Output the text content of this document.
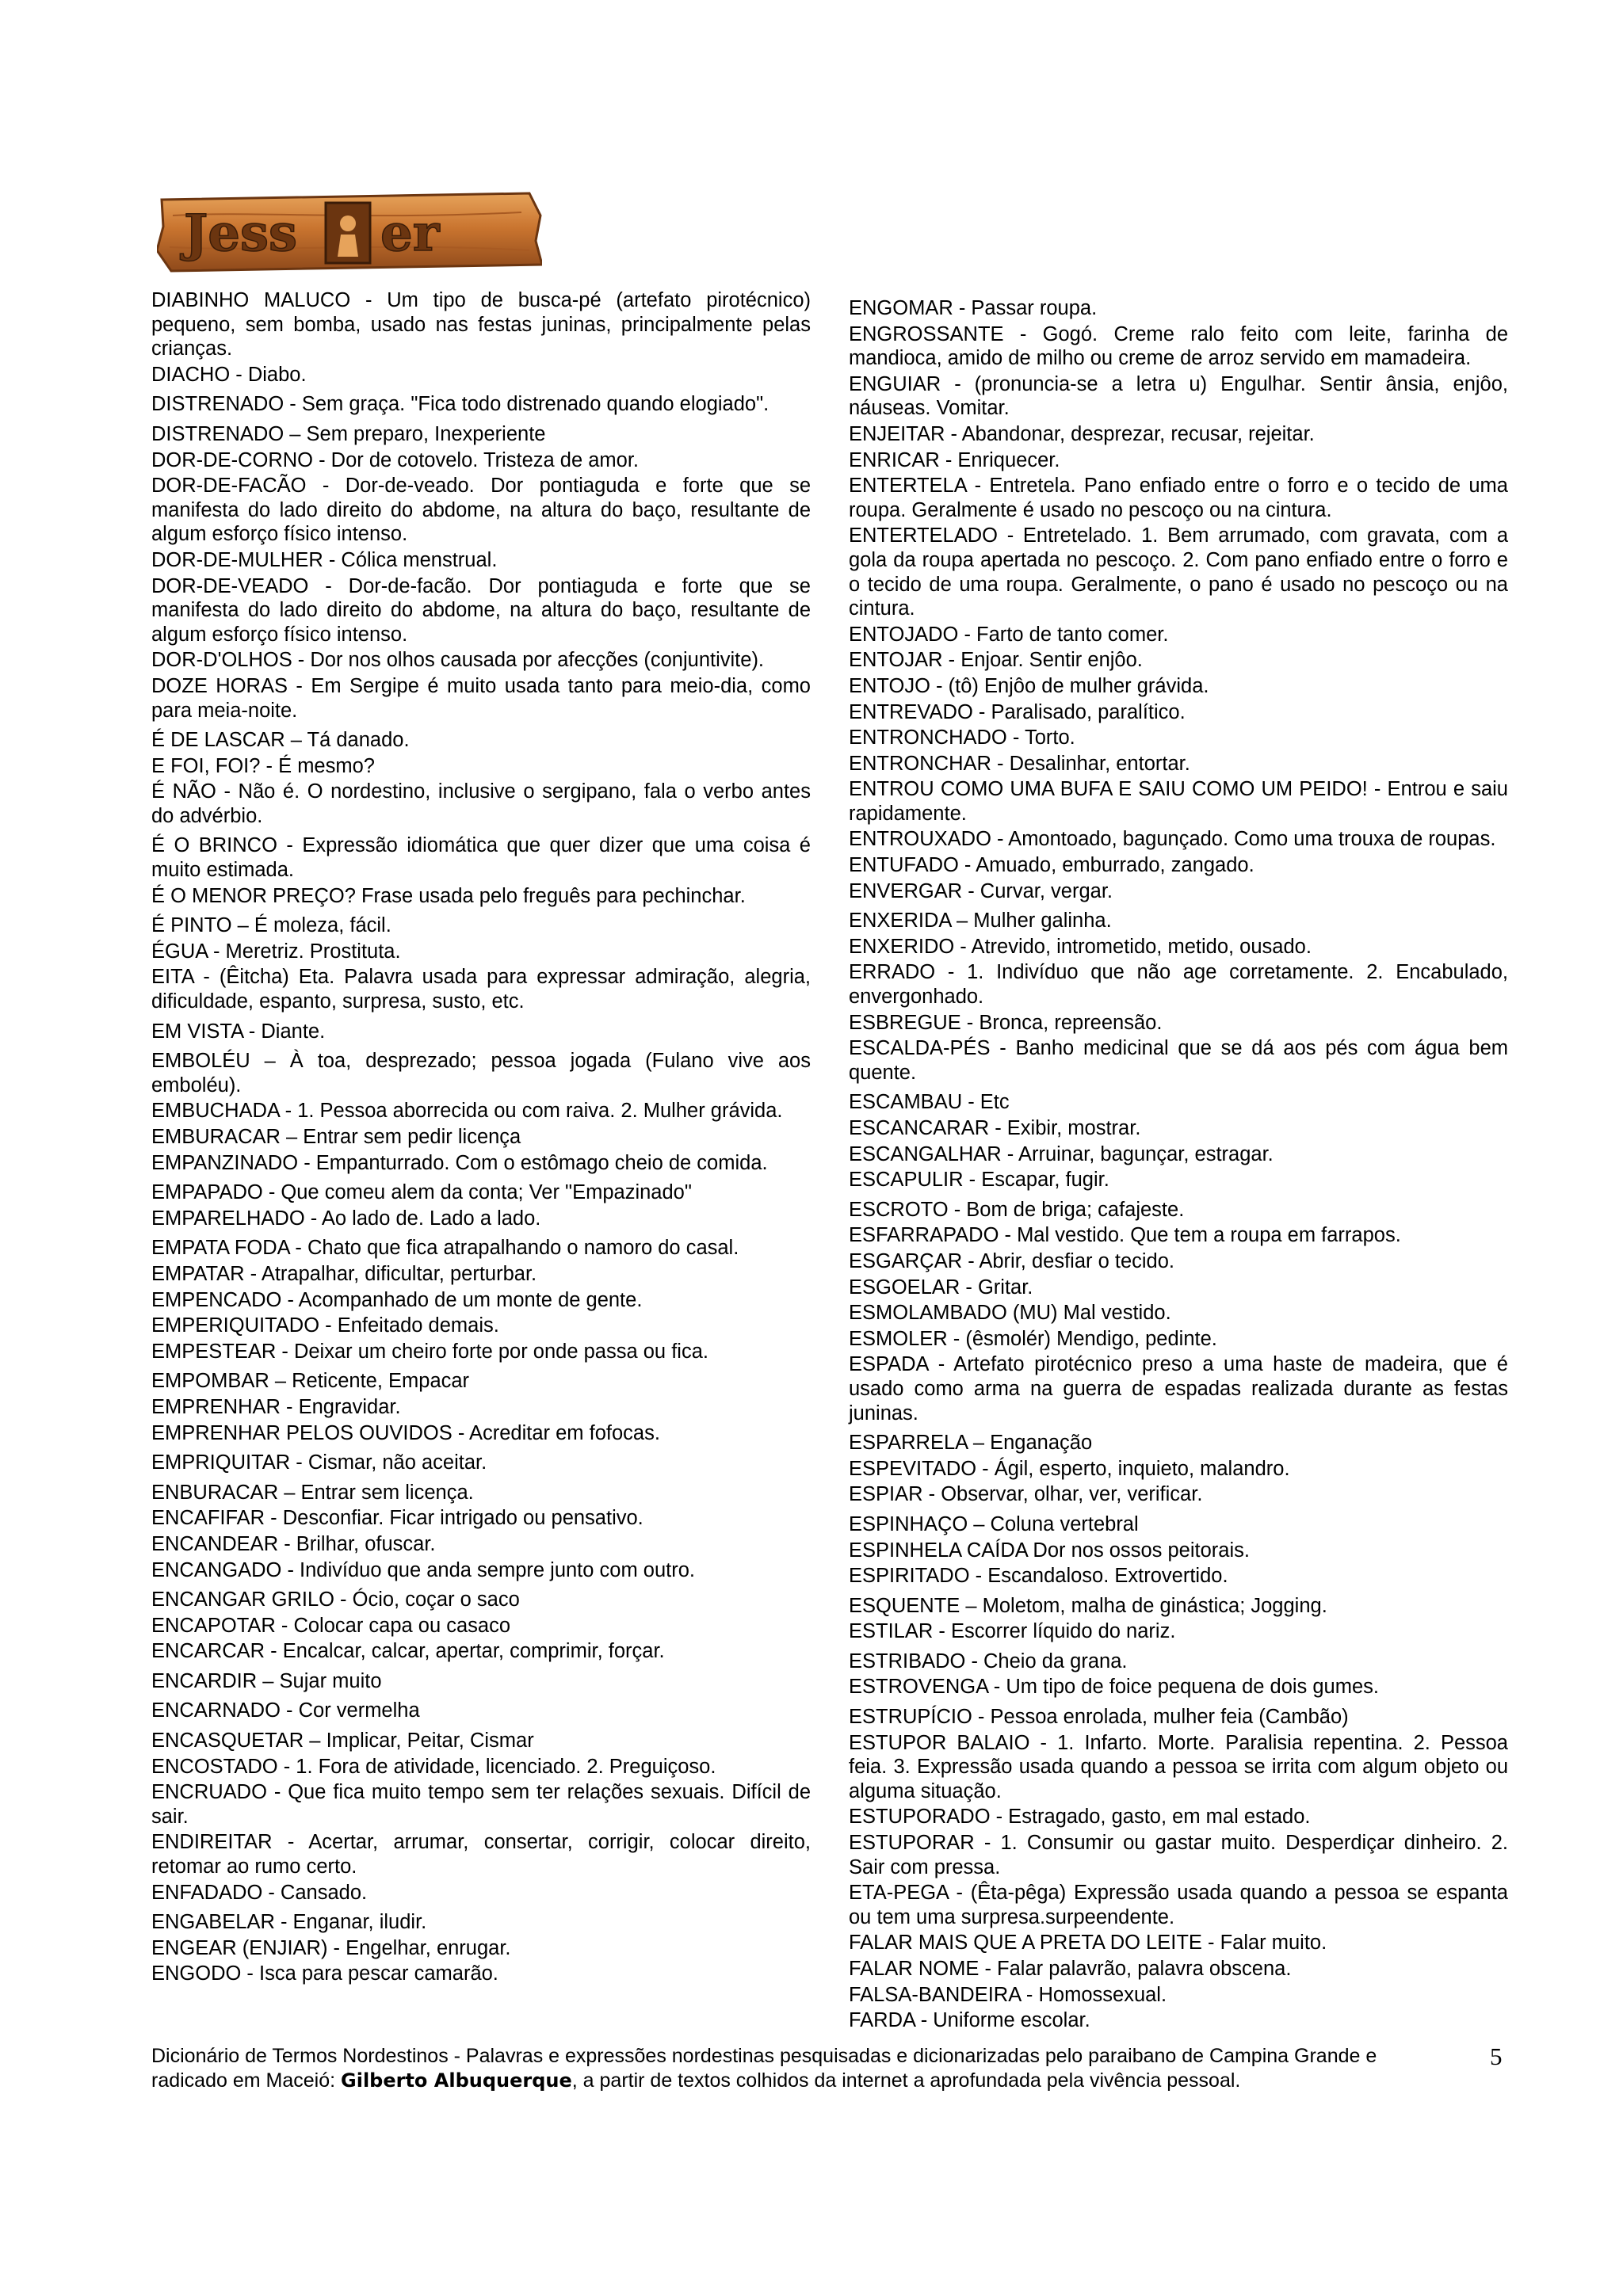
Jess er
Jessier
DIABINHO MALUCO - Um tipo de busca-pé (artefato pirotécnico) pequeno, sem bomba, usado nas festas juninas, principalmente pelas crianças.
DIACHO - Diabo.
DISTRENADO - Sem graça. "Fica todo distrenado quando elogiado".
DISTRENADO – Sem preparo, Inexperiente
DOR-DE-CORNO - Dor de cotovelo. Tristeza de amor.
DOR-DE-FACÃO - Dor-de-veado. Dor pontiaguda e forte que se manifesta do lado direito do abdome, na altura do baço, resultante de algum esforço físico intenso.
DOR-DE-MULHER - Cólica menstrual.
DOR-DE-VEADO - Dor-de-facão. Dor pontiaguda e forte que se manifesta do lado direito do abdome, na altura do baço, resultante de algum esforço físico intenso.
DOR-D'OLHOS - Dor nos olhos causada por afecções (conjuntivite).
DOZE HORAS - Em Sergipe é muito usada tanto para meio-dia, como para meia-noite.
É DE LASCAR – Tá danado.
E FOI, FOI? - É mesmo?
É NÃO - Não é. O nordestino, inclusive o sergipano, fala o verbo antes do advérbio.
É O BRINCO - Expressão idiomática que quer dizer que uma coisa é muito estimada.
É O MENOR PREÇO? Frase usada pelo freguês para pechinchar.
É PINTO – É moleza, fácil.
ÉGUA - Meretriz. Prostituta.
EITA - (Êitcha) Eta. Palavra usada para expressar admiração, alegria, dificuldade, espanto, surpresa, susto, etc.
EM VISTA - Diante.
EMBOLÉU – À toa, desprezado; pessoa jogada (Fulano vive aos emboléu).
EMBUCHADA - 1. Pessoa aborrecida ou com raiva. 2. Mulher grávida.
EMBURACAR – Entrar sem pedir licença
EMPANZINADO - Empanturrado. Com o estômago cheio de comida.
EMPAPADO - Que comeu alem da conta; Ver "Empazinado"
EMPARELHADO - Ao lado de. Lado a lado.
EMPATA FODA - Chato que fica atrapalhando o namoro do casal.
EMPATAR - Atrapalhar, dificultar, perturbar.
EMPENCADO - Acompanhado de um monte de gente.
EMPERIQUITADO - Enfeitado demais.
EMPESTEAR - Deixar um cheiro forte por onde passa ou fica.
EMPOMBAR – Reticente, Empacar
EMPRENHAR - Engravidar.
EMPRENHAR PELOS OUVIDOS - Acreditar em fofocas.
EMPRIQUITAR - Cismar, não aceitar.
ENBURACAR – Entrar sem licença.
ENCAFIFAR - Desconfiar. Ficar intrigado ou pensativo.
ENCANDEAR - Brilhar, ofuscar.
ENCANGADO - Indivíduo que anda sempre junto com outro.
ENCANGAR GRILO - Ócio, coçar o saco
ENCAPOTAR - Colocar capa ou casaco
ENCARCAR - Encalcar, calcar, apertar, comprimir, forçar.
ENCARDIR – Sujar muito
ENCARNADO - Cor vermelha
ENCASQUETAR – Implicar, Peitar, Cismar
ENCOSTADO - 1. Fora de atividade, licenciado. 2. Preguiçoso.
ENCRUADO - Que fica muito tempo sem ter relações sexuais. Difícil de sair.
ENDIREITAR - Acertar, arrumar, consertar, corrigir, colocar direito, retomar ao rumo certo.
ENFADADO - Cansado.
ENGABELAR - Enganar, iludir.
ENGEAR (ENJIAR) - Engelhar, enrugar.
ENGODO - Isca para pescar camarão.
ENGOMAR - Passar roupa.
ENGROSSANTE - Gogó. Creme ralo feito com leite, farinha de mandioca, amido de milho ou creme de arroz servido em mamadeira.
ENGUIAR - (pronuncia-se a letra u) Engulhar. Sentir ânsia, enjôo, náuseas. Vomitar.
ENJEITAR - Abandonar, desprezar, recusar, rejeitar.
ENRICAR - Enriquecer.
ENTERTELA - Entretela. Pano enfiado entre o forro e o tecido de uma roupa. Geralmente é usado no pescoço ou na cintura.
ENTERTELADO - Entretelado. 1. Bem arrumado, com gravata, com a gola da roupa apertada no pescoço. 2. Com pano enfiado entre o forro e o tecido de uma roupa. Geralmente, o pano é usado no pescoço ou na cintura.
ENTOJADO - Farto de tanto comer.
ENTOJAR - Enjoar. Sentir enjôo.
ENTOJO - (tô) Enjôo de mulher grávida.
ENTREVADO - Paralisado, paralítico.
ENTRONCHADO - Torto.
ENTRONCHAR - Desalinhar, entortar.
ENTROU COMO UMA BUFA E SAIU COMO UM PEIDO! - Entrou e saiu rapidamente.
ENTROUXADO - Amontoado, bagunçado. Como uma trouxa de roupas.
ENTUFADO - Amuado, emburrado, zangado.
ENVERGAR - Curvar, vergar.
ENXERIDA – Mulher galinha.
ENXERIDO - Atrevido, intrometido, metido, ousado.
ERRADO - 1. Indivíduo que não age corretamente. 2. Encabulado, envergonhado.
ESBREGUE - Bronca, repreensão.
ESCALDA-PÉS - Banho medicinal que se dá aos pés com água bem quente.
ESCAMBAU - Etc
ESCANCARAR - Exibir, mostrar.
ESCANGALHAR - Arruinar, bagunçar, estragar.
ESCAPULIR - Escapar, fugir.
ESCROTO - Bom de briga; cafajeste.
ESFARRAPADO - Mal vestido. Que tem a roupa em farrapos.
ESGARÇAR - Abrir, desfiar o tecido.
ESGOELAR - Gritar.
ESMOLAMBADO (MU) Mal vestido.
ESMOLER - (êsmolér) Mendigo, pedinte.
ESPADA - Artefato pirotécnico preso a uma haste de madeira, que é usado como arma na guerra de espadas realizada durante as festas juninas.
ESPARRELA – Enganação
ESPEVITADO - Ágil, esperto, inquieto, malandro.
ESPIAR - Observar, olhar, ver, verificar.
ESPINHAÇO – Coluna vertebral
ESPINHELA CAÍDA Dor nos ossos peitorais.
ESPIRITADO - Escandaloso. Extrovertido.
ESQUENTE – Moletom, malha de ginástica; Jogging.
ESTILAR - Escorrer líquido do nariz.
ESTRIBADO - Cheio da grana.
ESTROVENGA - Um tipo de foice pequena de dois gumes.
ESTRUPÍCIO - Pessoa enrolada, mulher feia (Cambão)
ESTUPOR BALAIO - 1. Infarto. Morte. Paralisia repentina. 2. Pessoa feia. 3. Expressão usada quando a pessoa se irrita com algum objeto ou alguma situação.
ESTUPORADO - Estragado, gasto, em mal estado.
ESTUPORAR - 1. Consumir ou gastar muito. Desperdiçar dinheiro. 2. Sair com pressa.
ETA-PEGA - (Êta-pêga) Expressão usada quando a pessoa se espanta ou tem uma surpresa.surpeendente.
FALAR MAIS QUE A PRETA DO LEITE - Falar muito.
FALAR NOME - Falar palavrão, palavra obscena.
FALSA-BANDEIRA - Homossexual.
FARDA - Uniforme escolar.
Dicionário de Termos Nordestinos - Palavras e expressões nordestinas pesquisadas e dicionarizadas pelo paraibano de Campina Grande e radicado em Maceió: Gilberto Albuquerque, a partir de textos colhidos da internet a aprofundada pela vivência pessoal.
5
